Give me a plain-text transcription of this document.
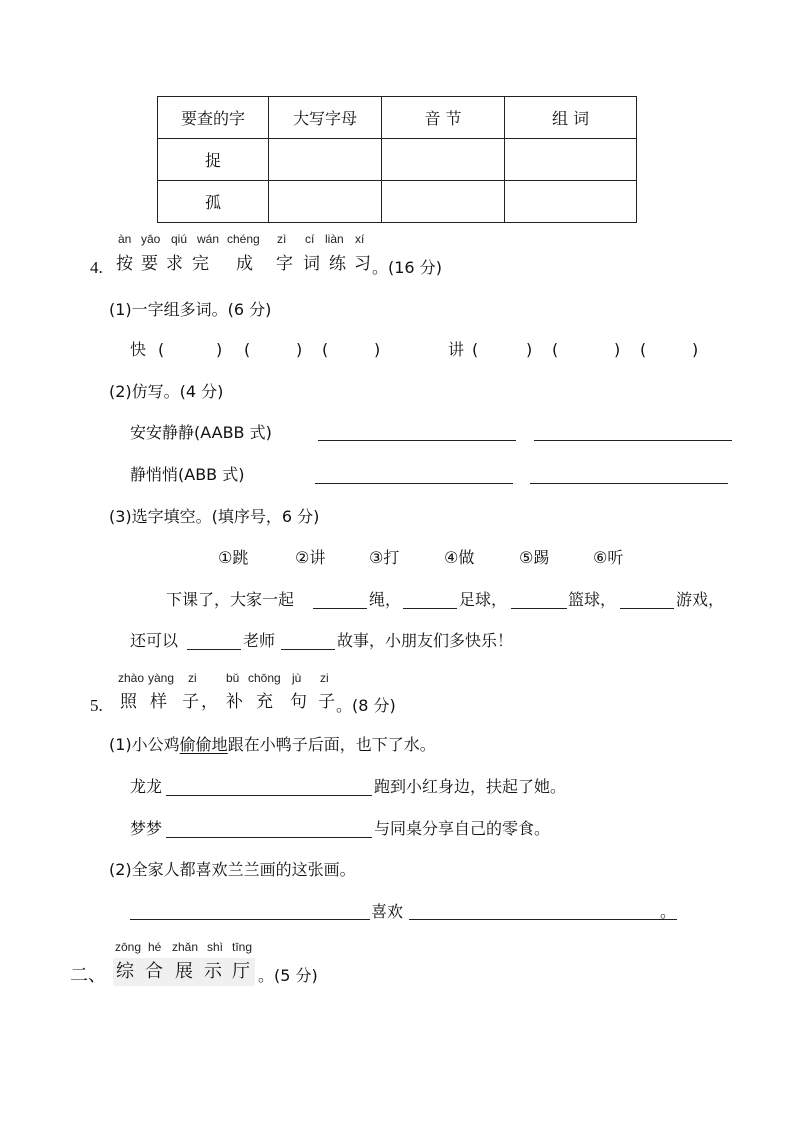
要查的字	大写字母	音 节	组 词
捉			
孤			
4.
àn yāo qiú wán chéng zì cí liàn xí
按 要 求 完 成 字 词 练 习
。(16 分)
(1)一字组多词。(6 分)
快 (	) (	) (	)	讲 (	) (	) (	)
(2)仿写。(4 分)
安安静静(AABB 式)
静悄悄(ABB 式)
(3)选字填空。(填序号，6 分)
①跳	②讲	③打	④做	⑤踢	⑥听
下课了，大家一起	绳，	足球，	篮球，	游戏，
还可以	老师	故事，小朋友们多快乐！
5.
zhào yàng zi bǔ chōng jù zi
照 样 子
， 补 充 句 子
。(8 分)
(1)小公鸡偷偷地跟在小鸭子后面，也下了水。
龙龙	跑到小红身边，扶起了她。
梦梦	与同桌分享自己的零食。
(2)全家人都喜欢兰兰画的这张画。
喜欢	。
二、
zōng hé zhǎn shì tīng
综 合 展 示 厅 。(5 分)
